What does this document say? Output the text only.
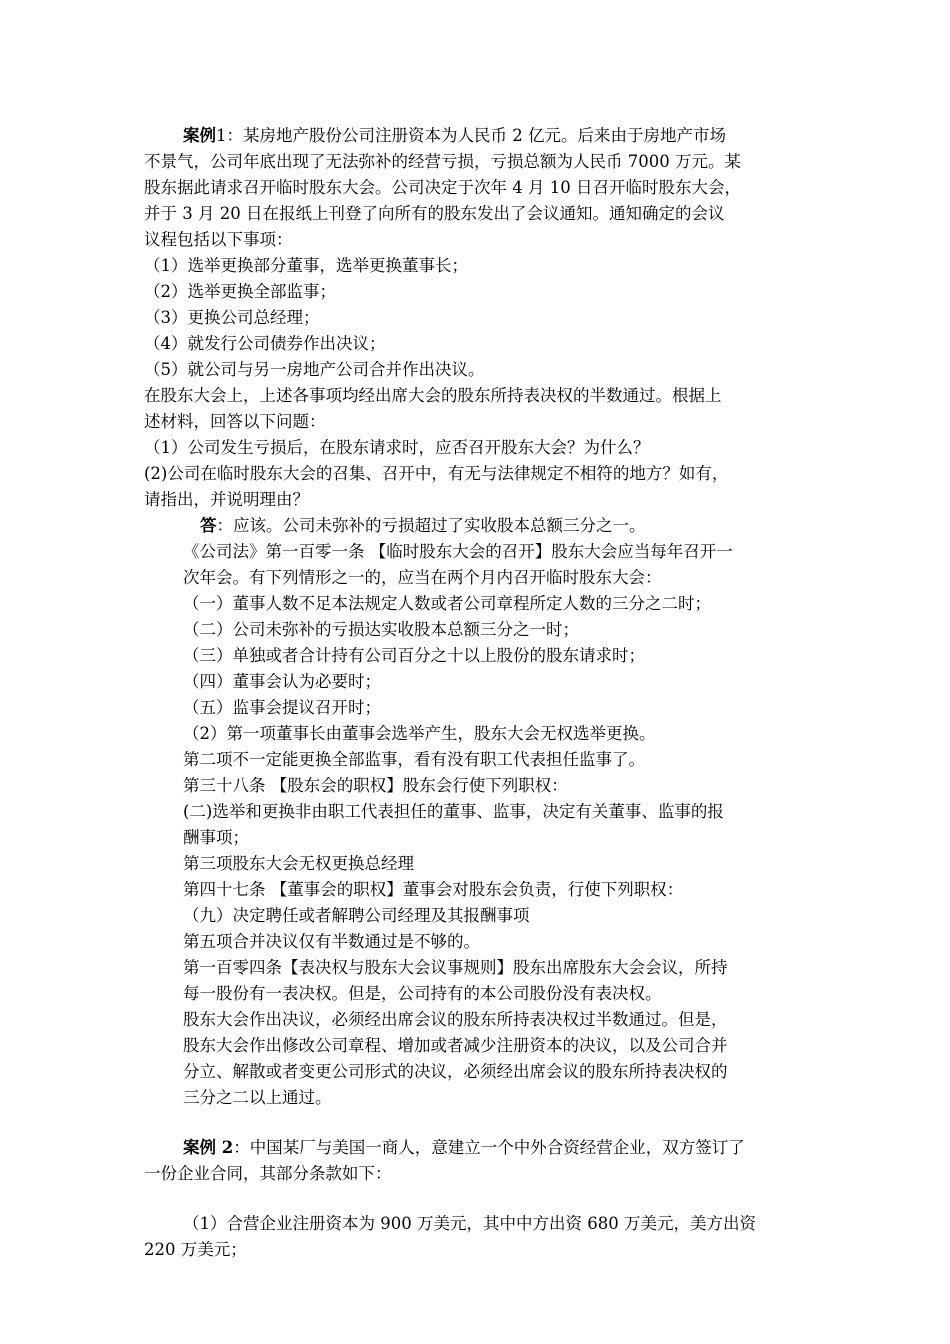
案例1：某房地产股份公司注册资本为人民币 2 亿元。后来由于房地产市场
不景气，公司年底出现了无法弥补的经营亏损，亏损总额为人民币 7000 万元。某
股东据此请求召开临时股东大会。公司决定于次年 4 月 10 日召开临时股东大会，
并于 3 月 20 日在报纸上刊登了向所有的股东发出了会议通知。通知确定的会议
议程包括以下事项：
（1）选举更换部分董事，选举更换董事长；
（2）选举更换全部监事；
（3）更换公司总经理；
（4）就发行公司债券作出决议；
（5）就公司与另一房地产公司合并作出决议。
在股东大会上，上述各事项均经出席大会的股东所持表决权的半数通过。根据上
述材料，回答以下问题：
（1）公司发生亏损后，在股东请求时，应否召开股东大会？为什么？
(2)公司在临时股东大会的召集、召开中，有无与法律规定不相符的地方？如有，
请指出，并说明理由？
答：应该。公司未弥补的亏损超过了实收股本总额三分之一。
《公司法》第一百零一条 【临时股东大会的召开】股东大会应当每年召开一
次年会。有下列情形之一的，应当在两个月内召开临时股东大会：
（一）董事人数不足本法规定人数或者公司章程所定人数的三分之二时；
（二）公司未弥补的亏损达实收股本总额三分之一时；
（三）单独或者合计持有公司百分之十以上股份的股东请求时；
（四）董事会认为必要时；
（五）监事会提议召开时；
（2）第一项董事长由董事会选举产生，股东大会无权选举更换。
第二项不一定能更换全部监事，看有没有职工代表担任监事了。
第三十八条 【股东会的职权】股东会行使下列职权：
(二)选举和更换非由职工代表担任的董事、监事，决定有关董事、监事的报
酬事项；
第三项股东大会无权更换总经理
第四十七条 【董事会的职权】董事会对股东会负责，行使下列职权：
（九）决定聘任或者解聘公司经理及其报酬事项
第五项合并决议仅有半数通过是不够的。
第一百零四条【表决权与股东大会议事规则】股东出席股东大会会议，所持
每一股份有一表决权。但是，公司持有的本公司股份没有表决权。
股东大会作出决议，必须经出席会议的股东所持表决权过半数通过。但是，
股东大会作出修改公司章程、增加或者减少注册资本的决议，以及公司合并
分立、解散或者变更公司形式的决议，必须经出席会议的股东所持表决权的
三分之二以上通过。
案例 2：中国某厂与美国一商人，意建立一个中外合资经营企业，双方签订了
一份企业合同，其部分条款如下：
（1）合营企业注册资本为 900 万美元，其中中方出资 680 万美元，美方出资
220 万美元；
